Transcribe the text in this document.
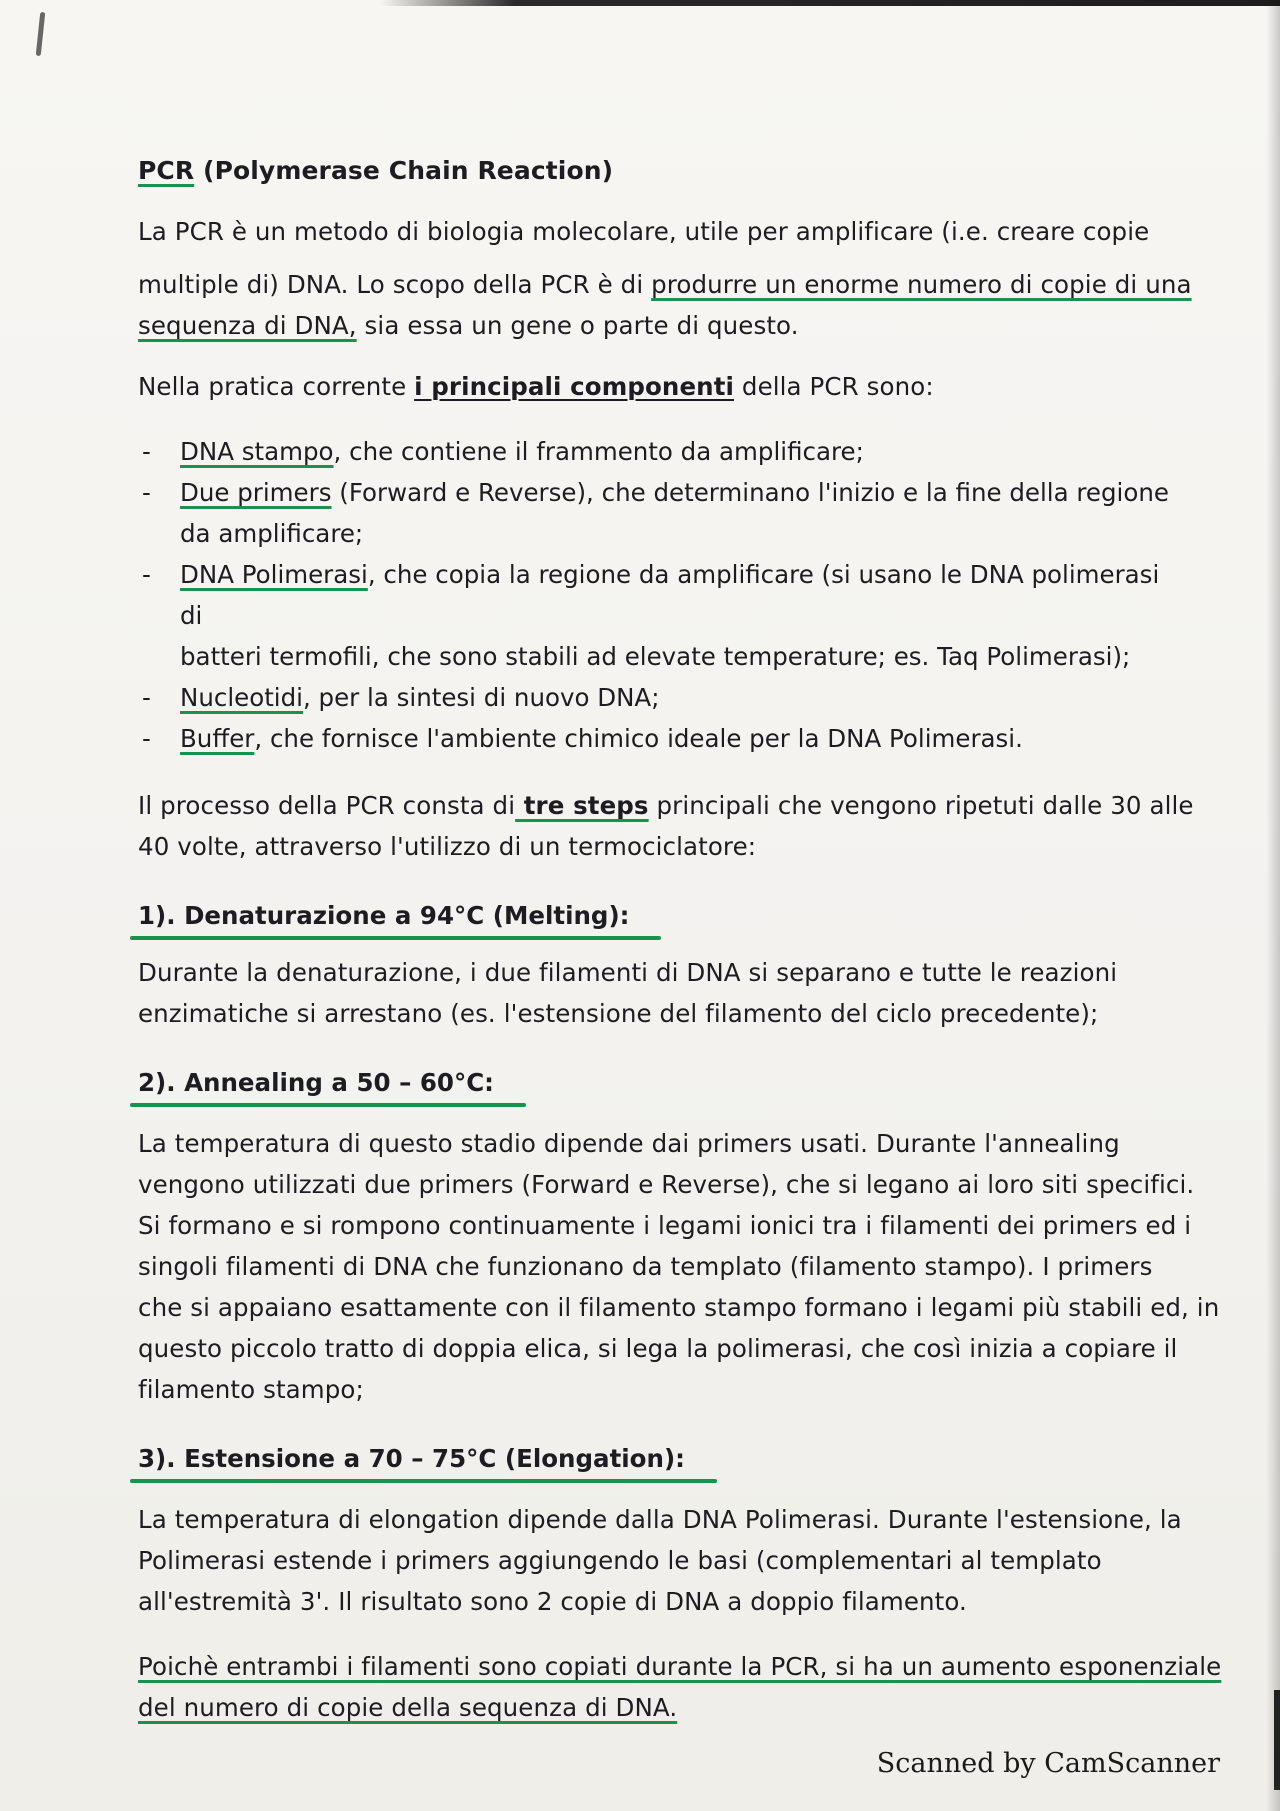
PCR (Polymerase Chain Reaction)

La PCR è un metodo di biologia molecolare, utile per amplificare (i.e. creare copie

multiple di) DNA. Lo scopo della PCR è di produrre un enorme numero di copie di una

sequenza di DNA, sia essa un gene o parte di questo.

Nella pratica corrente i principali componenti della PCR sono:

- DNA stampo, che contiene il frammento da amplificare;
- Due primers (Forward e Reverse), che determinano l'inizio e la fine della regione
da amplificare;
- DNA Polimerasi, che copia la regione da amplificare (si usano le DNA polimerasi di
batteri termofili, che sono stabili ad elevate temperature; es. Taq Polimerasi);
- Nucleotidi, per la sintesi di nuovo DNA;
- Buffer, che fornisce l'ambiente chimico ideale per la DNA Polimerasi.

Il processo della PCR consta di tre steps principali che vengono ripetuti dalle 30 alle

40 volte, attraverso l'utilizzo di un termociclatore:

1). Denaturazione a 94°C (Melting):

Durante la denaturazione, i due filamenti di DNA si separano e tutte le reazioni

enzimatiche si arrestano (es. l'estensione del filamento del ciclo precedente);

2). Annealing a 50 – 60°C:

La temperatura di questo stadio dipende dai primers usati. Durante l'annealing

vengono utilizzati due primers (Forward e Reverse), che si legano ai loro siti specifici.

Si formano e si rompono continuamente i legami ionici tra i filamenti dei primers ed i

singoli filamenti di DNA che funzionano da templato (filamento stampo). I primers

che si appaiano esattamente con il filamento stampo formano i legami più stabili ed, in

questo piccolo tratto di doppia elica, si lega la polimerasi, che così inizia a copiare il

filamento stampo;

3). Estensione a 70 – 75°C (Elongation):

La temperatura di elongation dipende dalla DNA Polimerasi. Durante l'estensione, la

Polimerasi estende i primers aggiungendo le basi (complementari al templato

all'estremità 3'. Il risultato sono 2 copie di DNA a doppio filamento.

Poichè entrambi i filamenti sono copiati durante la PCR, si ha un aumento esponenziale

del numero di copie della sequenza di DNA.

Scanned by CamScanner
